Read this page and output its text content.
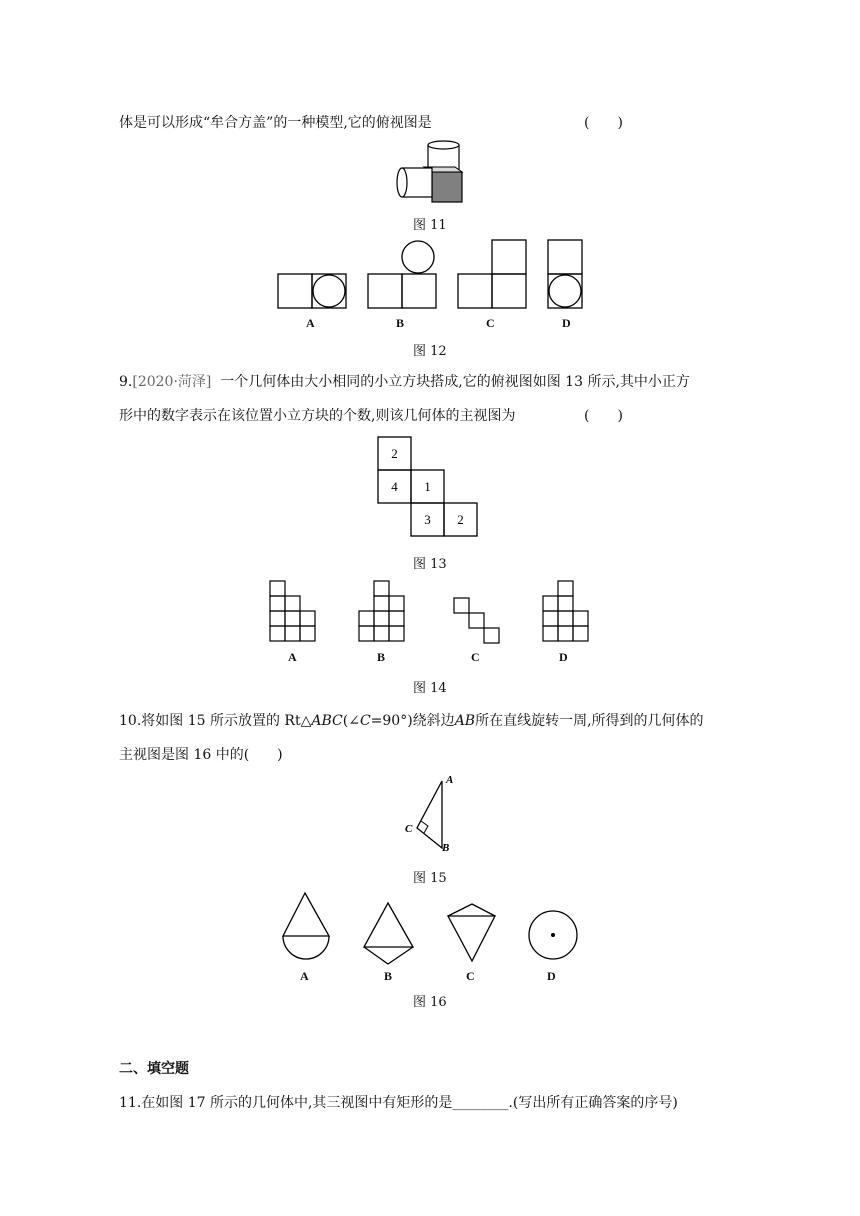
体是可以形成“牟合方盖”的一种模型,它的俯视图是	(　　)
图 11
A	B	C	D
图 12
9.[2020·菏泽] 一个几何体由大小相同的小立方块搭成,它的俯视图如图 13 所示,其中小正方
形中的数字表示在该位置小立方块的个数,则该几何体的主视图为	(　　)
2
4 1
3 2
图 13
A	B	C	D
图 14
10.将如图 15 所示放置的 Rt△ABC(∠C=90°)绕斜边AB所在直线旋转一周,所得到的几何体的
主视图是图 16 中的(　　)
A
B
C
图 15
A	B	C	D
图 16
二、填空题
11.在如图 17 所示的几何体中,其三视图中有矩形的是________.(写出所有正确答案的序号)
